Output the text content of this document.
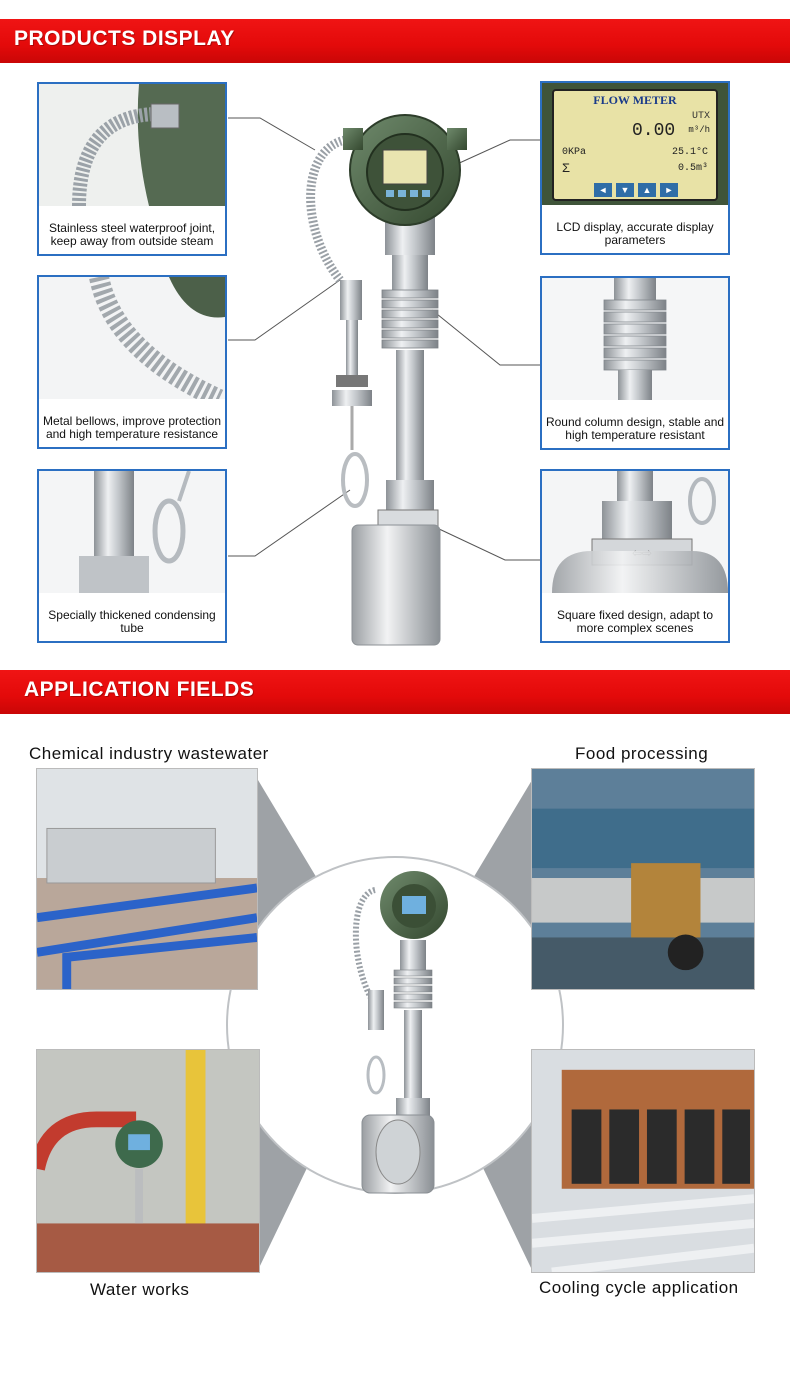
PRODUCTS DISPLAY
Stainless steel waterproof joint, keep away from outside steam
Metal bellows, improve protection and high temperature resistance
Specially thickened condensing tube
FLOW METER
UTX
0.00 m³/h
0KPa	25.1°C
Σ	0.5m³
◄	▼	▲	►
LCD display, accurate display parameters
Round column design, stable and high temperature resistant
Square fixed design, adapt to more complex scenes
APPLICATION FIELDS
Chemical industry wastewater	Food processing
Water works	Cooling cycle application
